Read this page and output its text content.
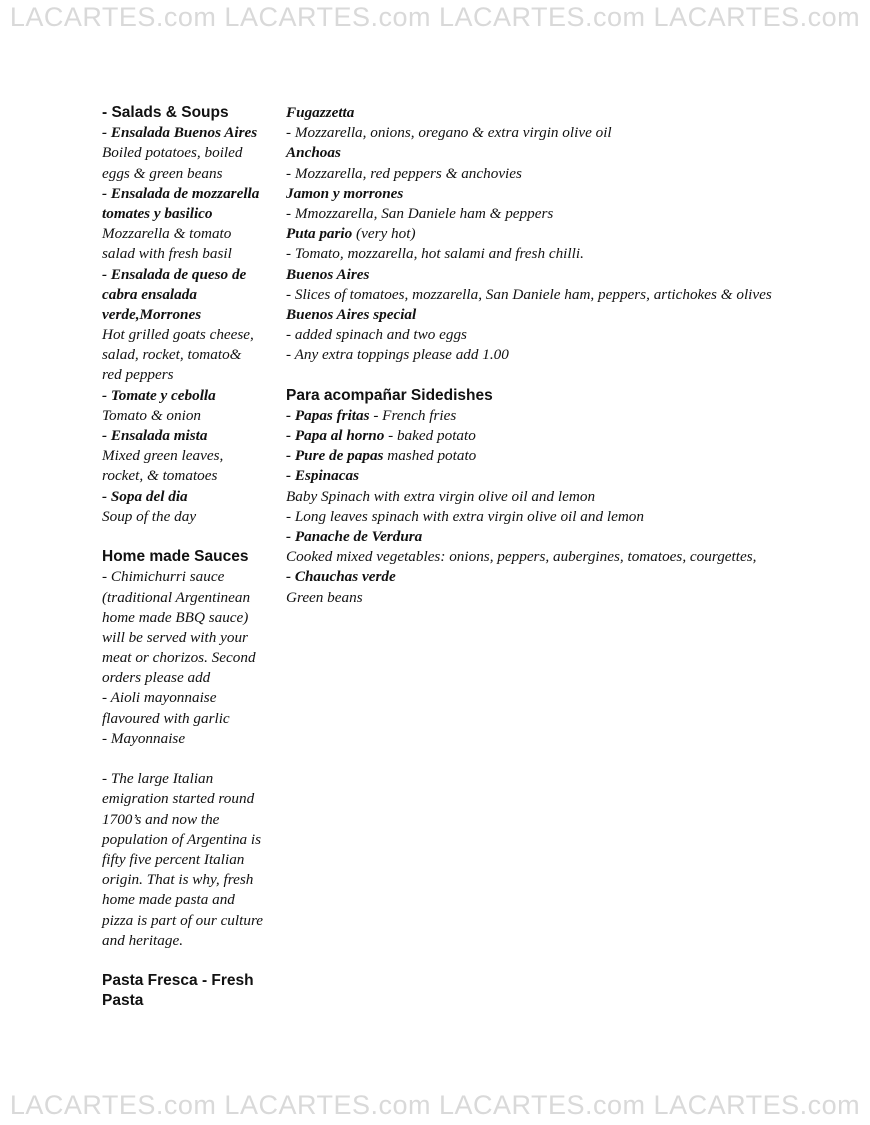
LACARTES.com LACARTES.com LACARTES.com LACARTES.com
- Salads & Soups
- Ensalada Buenos Aires
Boiled potatoes, boiled
eggs & green beans
- Ensalada de mozzarella
tomates y basilico
Mozzarella & tomato
salad with fresh basil
- Ensalada de queso de
cabra ensalada
verde,Morrones
Hot grilled goats cheese,
salad, rocket, tomato&
red peppers
- Tomate y cebolla
Tomato & onion
- Ensalada mista
Mixed green leaves,
rocket, & tomatoes
- Sopa del dia
Soup of the day
Home made Sauces
- Chimichurri sauce
(traditional Argentinean
home made BBQ sauce)
will be served with your
meat or chorizos. Second
orders please add
- Aioli mayonnaise
flavoured with garlic
- Mayonnaise
- The large Italian
emigration started round
1700’s and now the
population of Argentina is
fifty five percent Italian
origin. That is why, fresh
home made pasta and
pizza is part of our culture
and heritage.
Pasta Fresca - Fresh
Pasta
Fugazzetta
- Mozzarella, onions, oregano & extra virgin olive oil
Anchoas
- Mozzarella, red peppers & anchovies
Jamon y morrones
- Mmozzarella, San Daniele ham & peppers
Puta pario (very hot)
- Tomato, mozzarella, hot salami and fresh chilli.
Buenos Aires
- Slices of tomatoes, mozzarella, San Daniele ham, peppers, artichokes & olives
Buenos Aires special
- added spinach and two eggs
- Any extra toppings please add 1.00
Para acompañar Sidedishes
- Papas fritas - French fries
- Papa al horno - baked potato
- Pure de papas mashed potato
- Espinacas
Baby Spinach with extra virgin olive oil and lemon
- Long leaves spinach with extra virgin olive oil and lemon
- Panache de Verdura
Cooked mixed vegetables: onions, peppers, aubergines, tomatoes, courgettes,
- Chauchas verde
Green beans
LACARTES.com LACARTES.com LACARTES.com LACARTES.com
